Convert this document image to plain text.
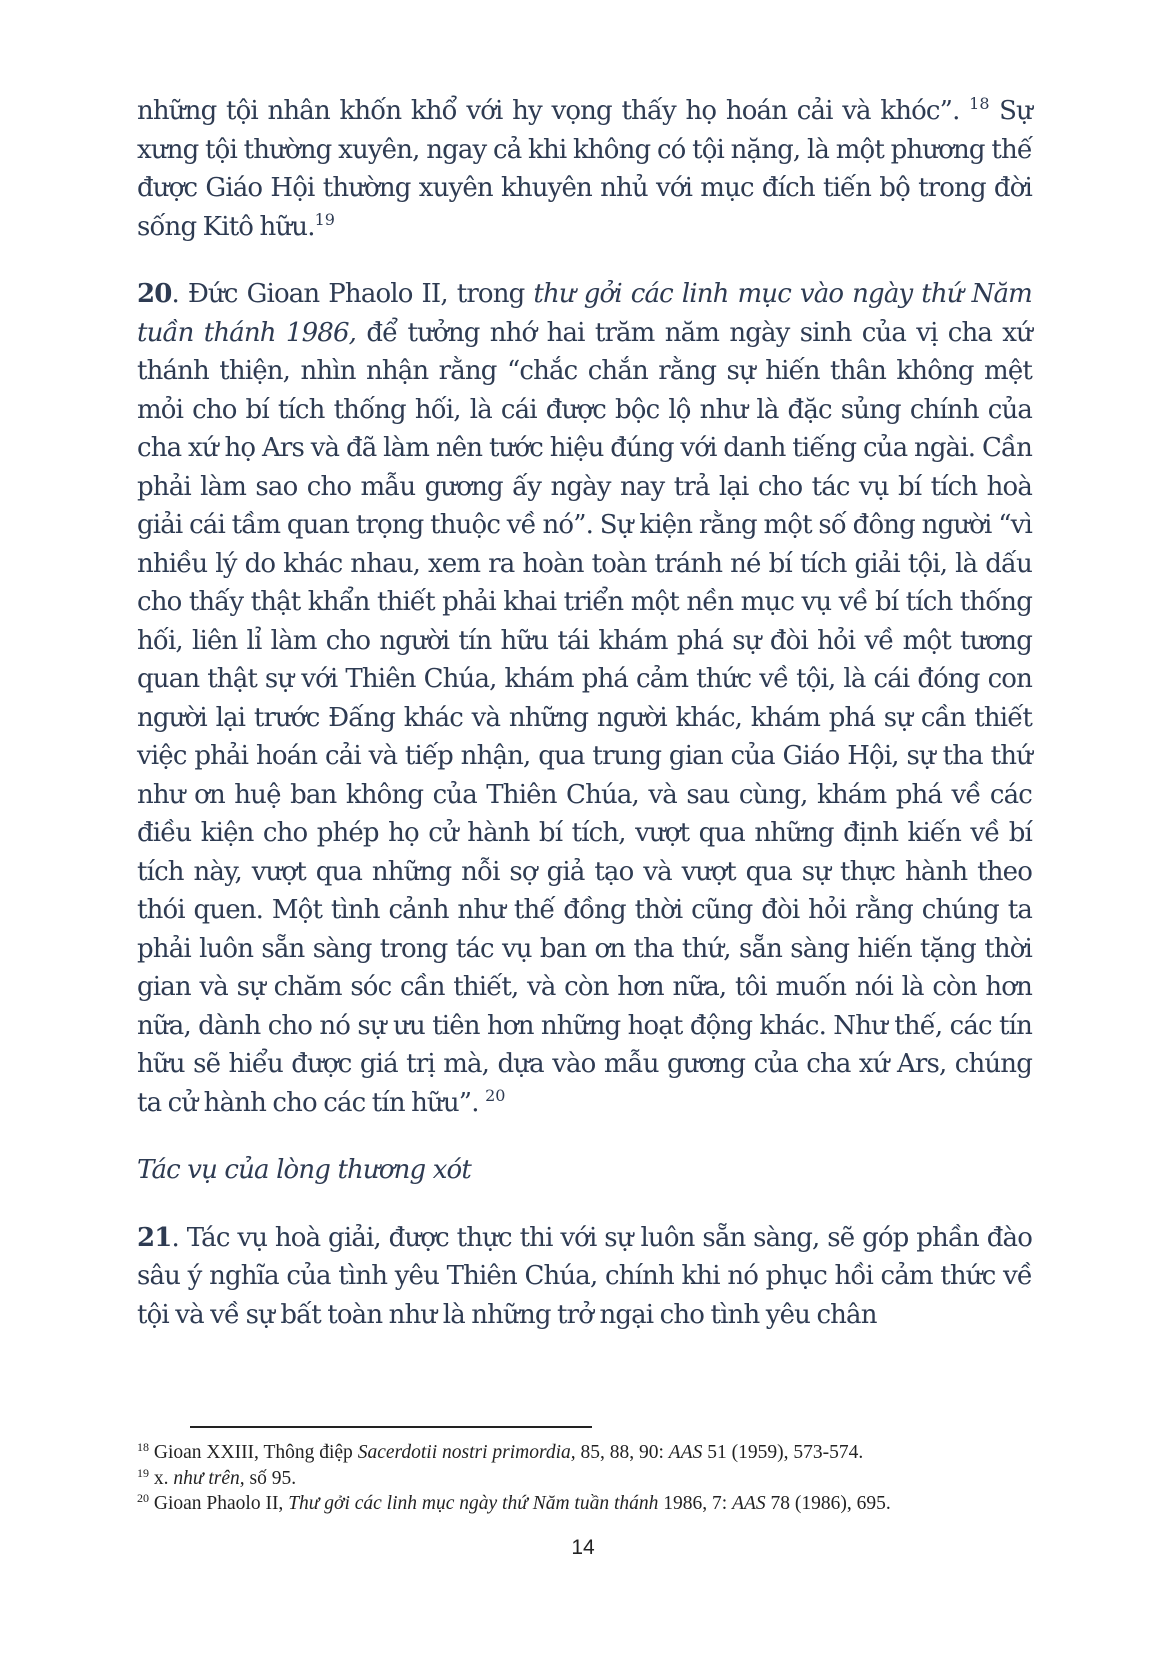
những tội nhân khốn khổ với hy vọng thấy họ hoán cải và khóc”. $^{18}$ Sự xưng tội thường xuyên, ngay cả khi không có tội nặng, là một phương thế được Giáo Hội thường xuyên khuyên nhủ với mục đích tiến bộ trong đời sống Kitô hữu.$^{19}$

20. Đức Gioan Phaolo II, trong thư gởi các linh mục vào ngày thứ Năm tuần thánh 1986, để tưởng nhớ hai trăm năm ngày sinh của vị cha xứ thánh thiện, nhìn nhận rằng “chắc chắn rằng sự hiến thân không mệt mỏi cho bí tích thống hối, là cái được bộc lộ như là đặc sủng chính của cha xứ họ Ars và đã làm nên tước hiệu đúng với danh tiếng của ngài. Cần phải làm sao cho mẫu gương ấy ngày nay trả lại cho tác vụ bí tích hoà giải cái tầm quan trọng thuộc về nó”. Sự kiện rằng một số đông người “vì nhiều lý do khác nhau, xem ra hoàn toàn tránh né bí tích giải tội, là dấu cho thấy thật khẩn thiết phải khai triển một nền mục vụ về bí tích thống hối, liên lỉ làm cho người tín hữu tái khám phá sự đòi hỏi về một tương quan thật sự với Thiên Chúa, khám phá cảm thức về tội, là cái đóng con người lại trước Đấng khác và những người khác, khám phá sự cần thiết việc phải hoán cải và tiếp nhận, qua trung gian của Giáo Hội, sự tha thứ như ơn huệ ban không của Thiên Chúa, và sau cùng, khám phá về các điều kiện cho phép họ cử hành bí tích, vượt qua những định kiến về bí tích này, vượt qua những nỗi sợ giả tạo và vượt qua sự thực hành theo thói quen. Một tình cảnh như thế đồng thời cũng đòi hỏi rằng chúng ta phải luôn sẵn sàng trong tác vụ ban ơn tha thứ, sẵn sàng hiến tặng thời gian và sự chăm sóc cần thiết, và còn hơn nữa, tôi muốn nói là còn hơn nữa, dành cho nó sự ưu tiên hơn những hoạt động khác. Như thế, các tín hữu sẽ hiểu được giá trị mà, dựa vào mẫu gương của cha xứ Ars, chúng ta cử hành cho các tín hữu”. $^{20}$

Tác vụ của lòng thương xót

21. Tác vụ hoà giải, được thực thi với sự luôn sẵn sàng, sẽ góp phần đào sâu ý nghĩa của tình yêu Thiên Chúa, chính khi nó phục hồi cảm thức về tội và về sự bất toàn như là những trở ngại cho tình yêu chân

$^{18}$ Gioan XXIII, Thông điệp Sacerdotii nostri primordia, 85, 88, 90: AAS 51 (1959), 573-574.
$^{19}$ x. như trên, số 95.
$^{20}$ Gioan Phaolo II, Thư gởi các linh mục ngày thứ Năm tuần thánh 1986, 7: AAS 78 (1986), 695.
14
